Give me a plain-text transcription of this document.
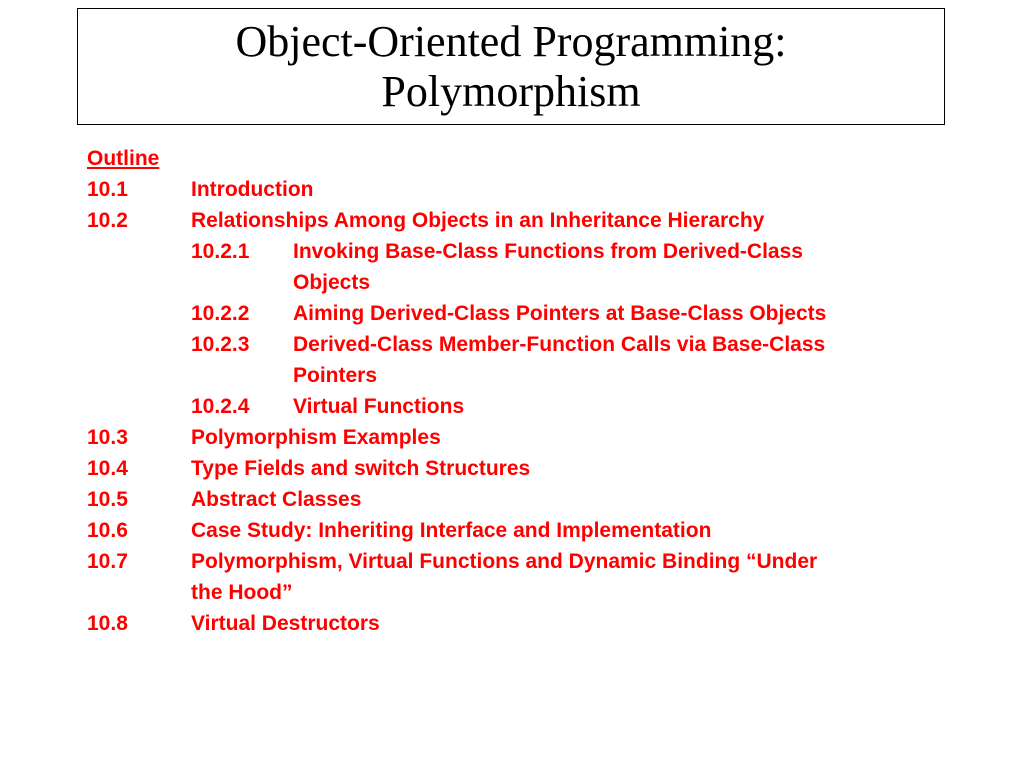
Object-Oriented Programming:
Polymorphism
Outline
10.1	Introduction
10.2	Relationships Among Objects in an Inheritance Hierarchy
10.2.1	Invoking Base-Class Functions from Derived-Class
Objects
10.2.2	Aiming Derived-Class Pointers at Base-Class Objects
10.2.3	Derived-Class Member-Function Calls via Base-Class
Pointers
10.2.4	Virtual Functions
10.3	Polymorphism Examples
10.4	Type Fields and switch Structures
10.5	Abstract Classes
10.6	Case Study: Inheriting Interface and Implementation
10.7	Polymorphism, Virtual Functions and Dynamic Binding “Under
the Hood”
10.8	Virtual Destructors
